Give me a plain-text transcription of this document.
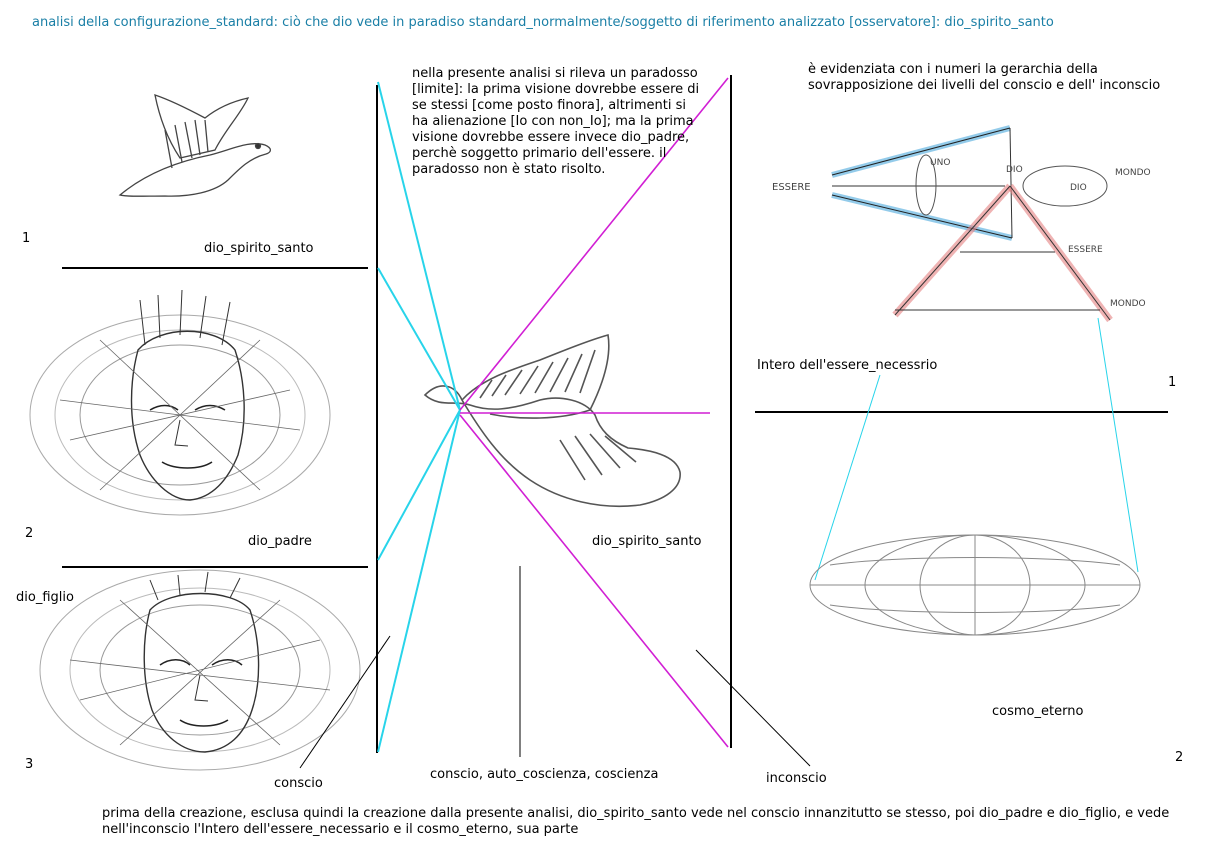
ESSERE
UNO
DIO
DIO
MONDO
ESSERE
MONDO
analisi della configurazione_standard: ciò che dio vede in paradiso standard_normalmente/soggetto di riferimento analizzato [osservatore]: dio_spirito_santo
nella presente analisi si rileva un paradosso [limite]: la prima visione dovrebbe essere di se stessi [come posto finora], altrimenti si ha alienazione [Io con non_Io]; ma la prima visione dovrebbe essere invece dio_padre, perchè soggetto primario dell'essere. il paradosso non è stato risolto.
è evidenziata con i numeri la gerarchia della sovrapposizione dei livelli del conscio e dell' inconscio
1
dio_spirito_santo
2
dio_padre
dio_figlio
3
dio_spirito_santo
conscio
conscio, auto_coscienza, coscienza	inconscio
Intero dell'essere_necessrio
1
cosmo_eterno
2
prima della creazione, esclusa quindi la creazione dalla presente analisi, dio_spirito_santo vede nel conscio innanzitutto se stesso, poi dio_padre e dio_figlio, e vede nell'inconscio l'Intero dell'essere_necessario e il cosmo_eterno, sua parte
